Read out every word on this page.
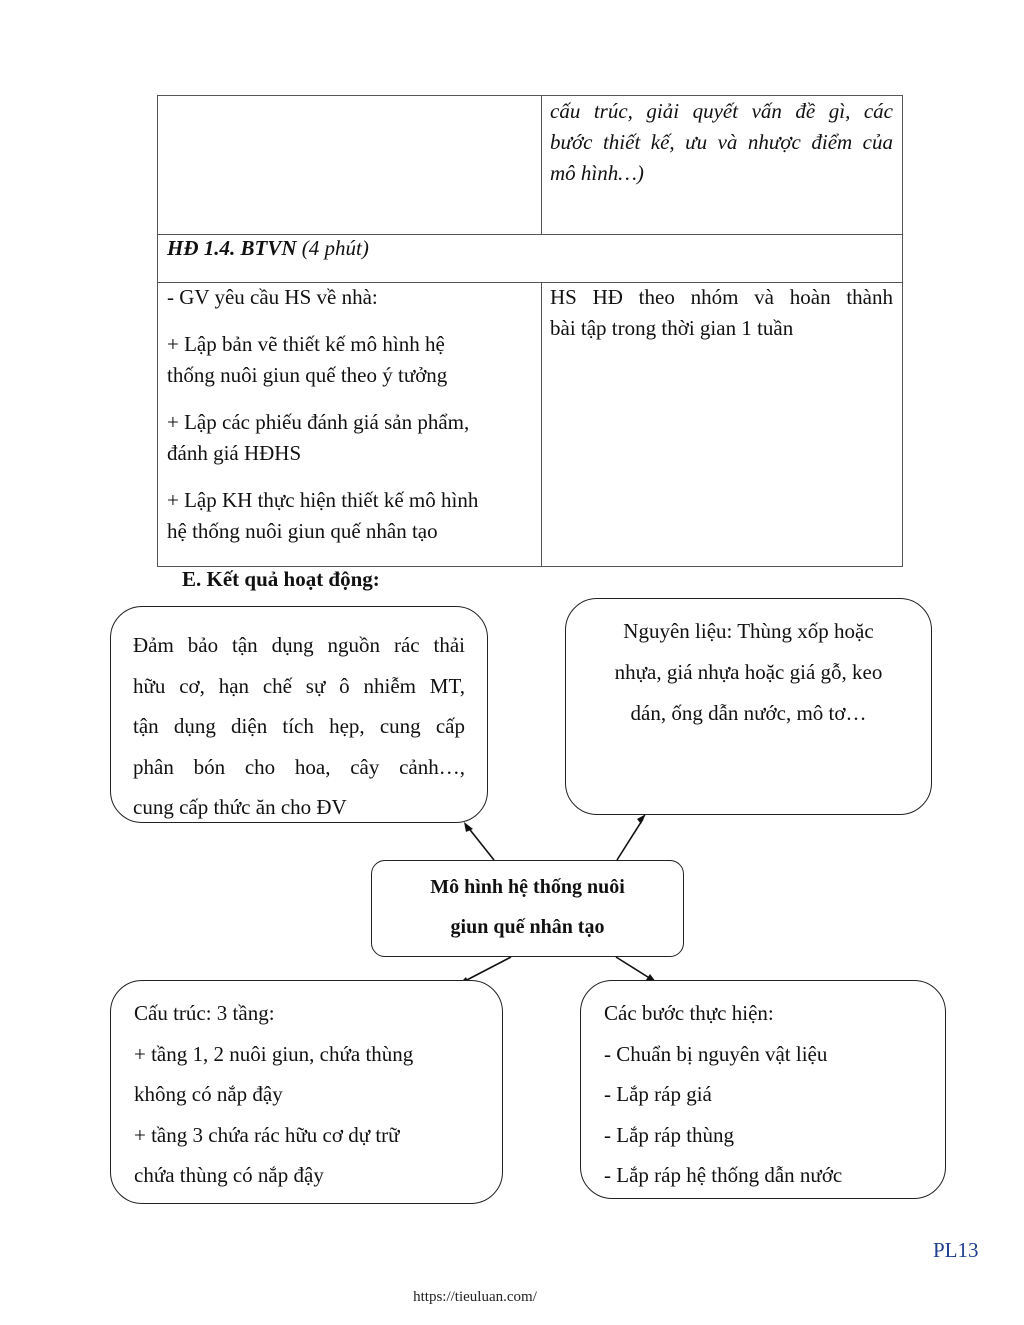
cấu trúc, giải quyết vấn đề gì, các
bước thiết kế, ưu và nhược điểm của
mô hình…)
HĐ 1.4. BTVN (4 phút)
- GV yêu cầu HS về nhà:
+ Lập bản vẽ thiết kế mô hình hệ
thống nuôi giun quế theo ý tưởng
+ Lập các phiếu đánh giá sản phẩm,
đánh giá HĐHS
+ Lập KH thực hiện thiết kế mô hình
hệ thống nuôi giun quế nhân tạo
HS HĐ theo nhóm và hoàn thành
bài tập trong thời gian 1 tuần
E. Kết quả hoạt động:
Đảm bảo tận dụng nguồn rác thải
hữu cơ, hạn chế sự ô nhiễm MT,
tận dụng diện tích hẹp, cung cấp
phân bón cho hoa, cây cảnh…,
cung cấp thức ăn cho ĐV
Nguyên liệu: Thùng xốp hoặc
nhựa, giá nhựa hoặc giá gỗ, keo
dán, ống dẫn nước, mô tơ…
Mô hình hệ thống nuôi
giun quế nhân tạo
Cấu trúc: 3 tầng:
+ tầng 1, 2 nuôi giun, chứa thùng
không có nắp đậy
+ tầng 3 chứa rác hữu cơ dự trữ
chứa thùng có nắp đậy
Các bước thực hiện:
- Chuẩn bị nguyên vật liệu
- Lắp ráp giá
- Lắp ráp thùng
- Lắp ráp hệ thống dẫn nước
PL13
https://tieuluan.com/
